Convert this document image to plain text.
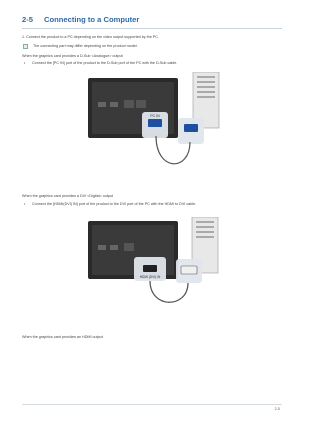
2-5 Connecting to a Computer
1. Connect the product to a PC depending on the video output supported by the PC.
The connecting part may differ depending on the product model.
When the graphics card provides a D-Sub <Analogue> output
• Connect the [PC IN] port of the product to the D-Sub port of the PC with the D-Sub cable.
PC IN
When the graphics card provides a DVI <Digital> output
• Connect the [HDMI(DVI) IN] port of the product to the DVI port of the PC with the HDMI to DVI cable.
HDMI (DVI) IN
When the graphics card provides an HDMI output
2-5
